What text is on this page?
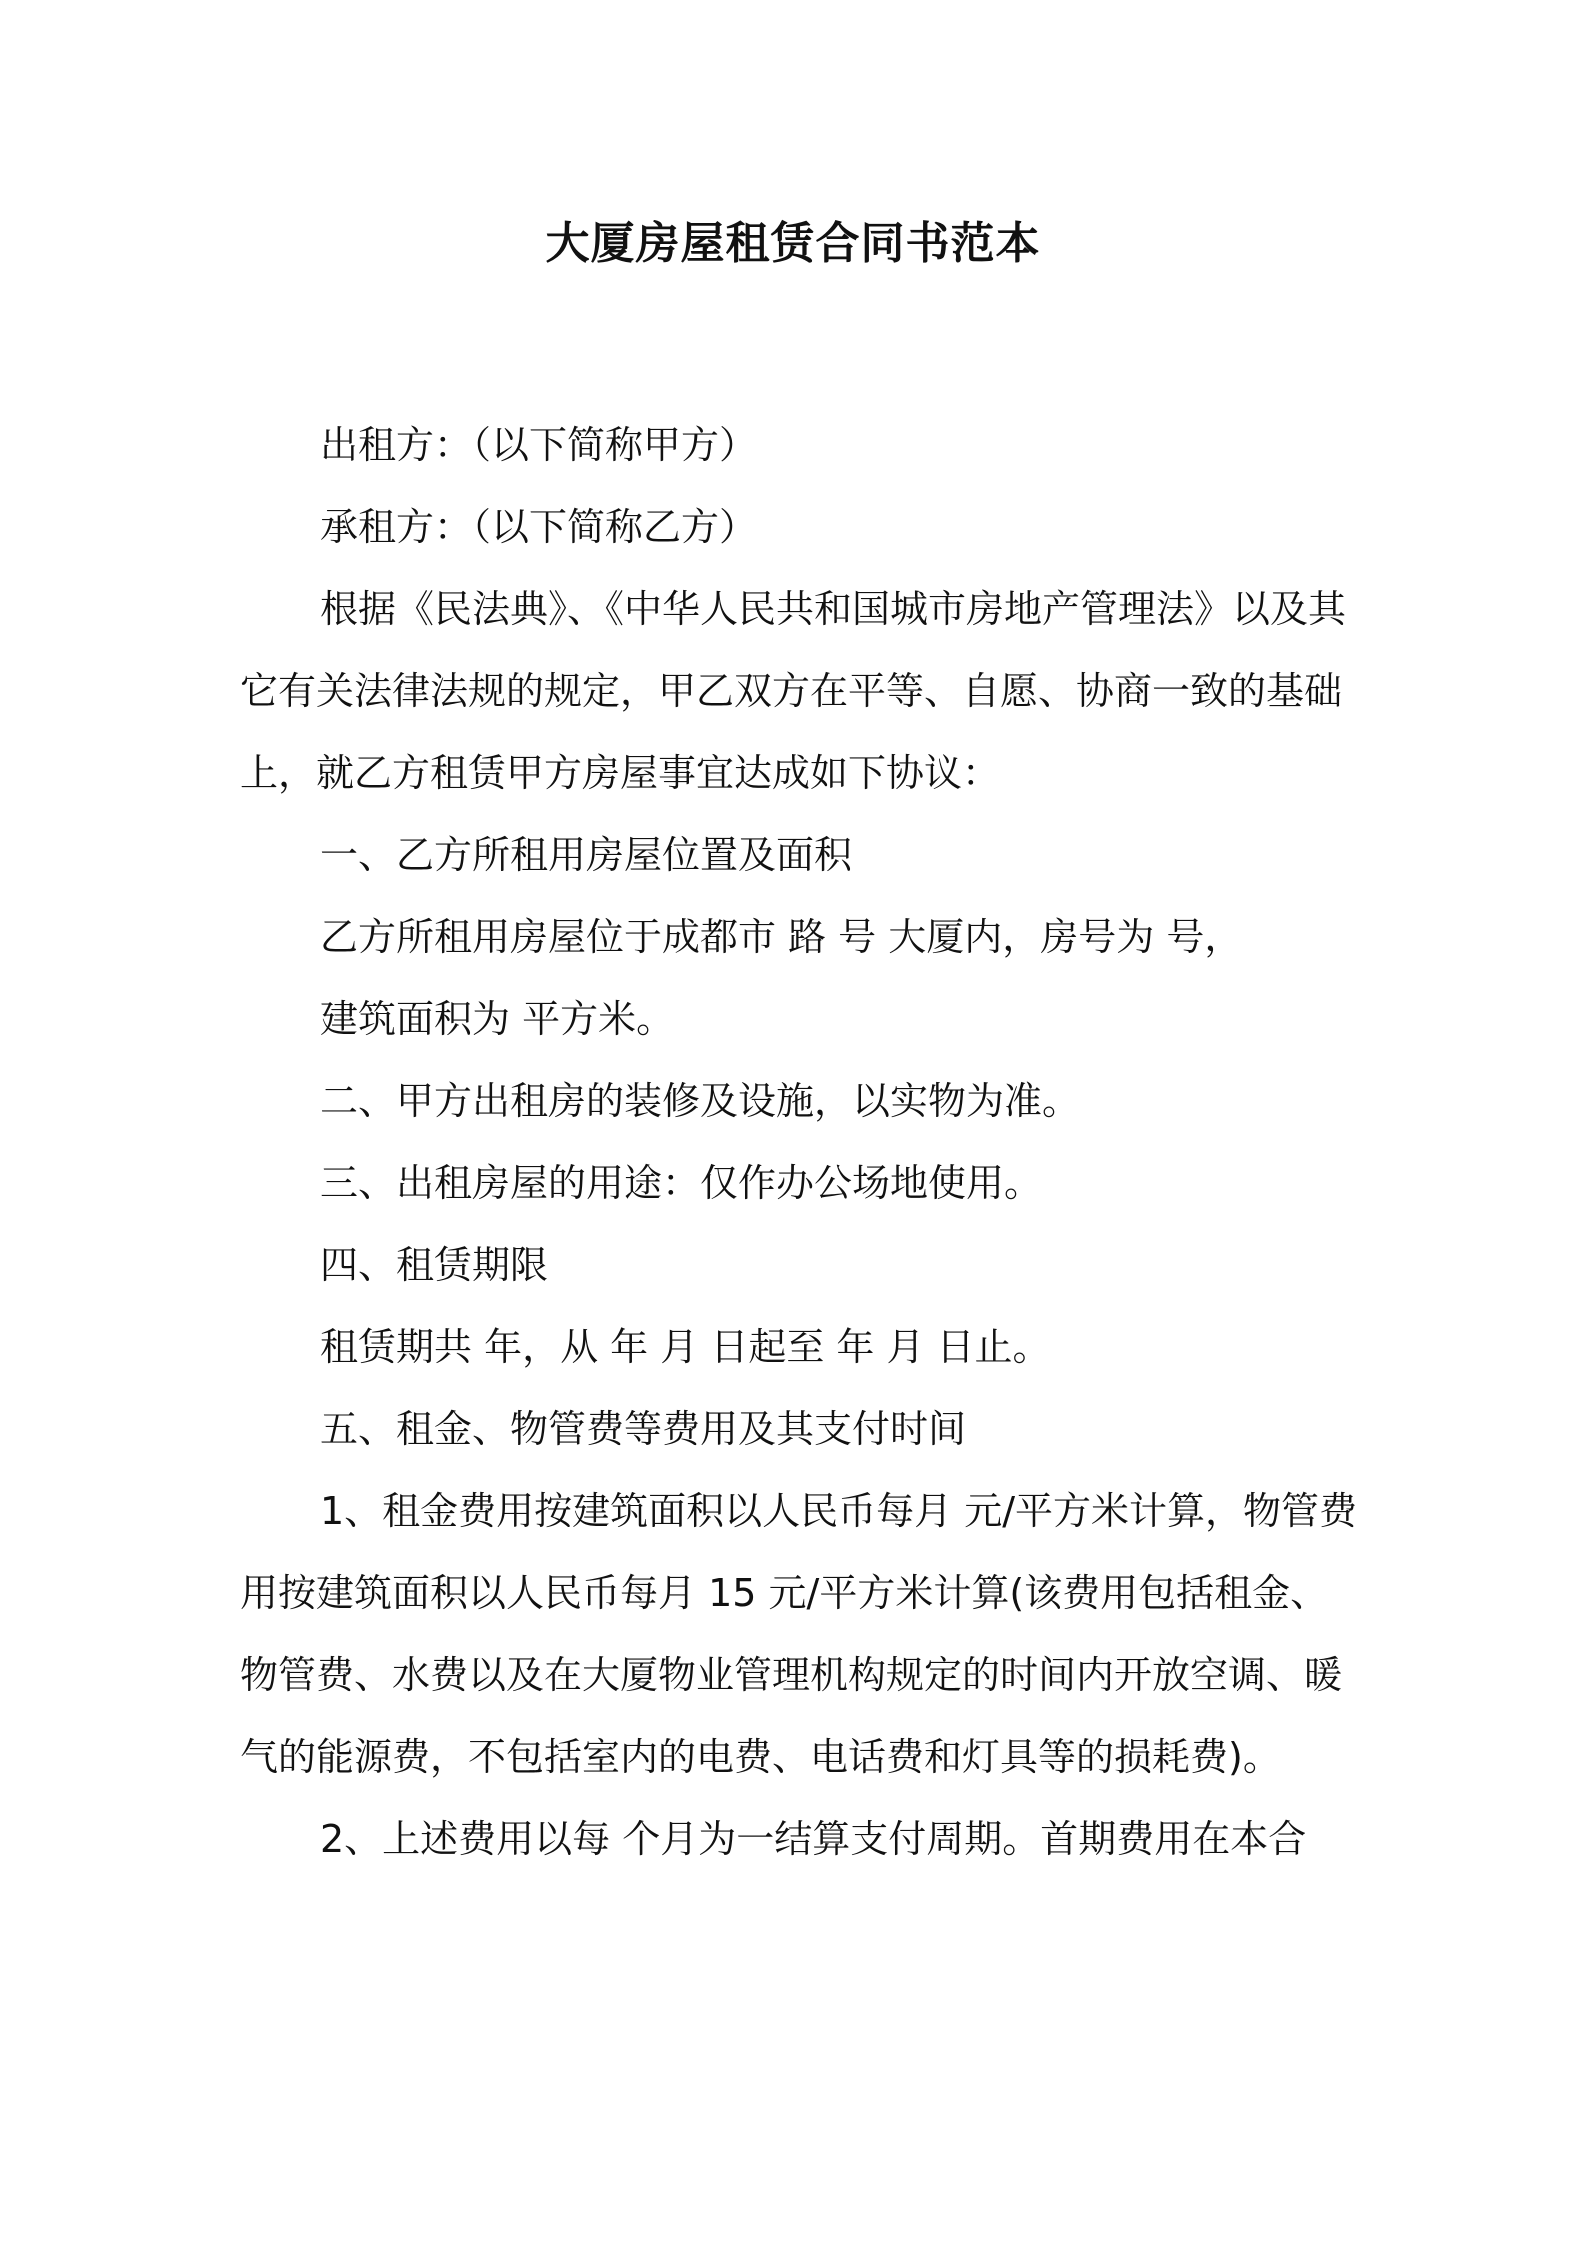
大厦房屋租赁合同书范本

出租方：（以下简称甲方）

承租方：（以下简称乙方）

根据《民法典》、《中华人民共和国城市房地产管理法》以及其它有关法律法规的规定，甲乙双方在平等、自愿、协商一致的基础上，就乙方租赁甲方房屋事宜达成如下协议：

一、乙方所租用房屋位置及面积

乙方所租用房屋位于成都市 路 号 大厦内，房号为 号，

建筑面积为 平方米。

二、甲方出租房的装修及设施，以实物为准。

三、出租房屋的用途：仅作办公场地使用。

四、租赁期限

租赁期共 年，从 年 月 日起至 年 月 日止。

五、租金、物管费等费用及其支付时间

1、租金费用按建筑面积以人民币每月 元/平方米计算，物管费用按建筑面积以人民币每月 15 元/平方米计算(该费用包括租金、物管费、水费以及在大厦物业管理机构规定的时间内开放空调、暖气的能源费，不包括室内的电费、电话费和灯具等的损耗费)。

2、上述费用以每 个月为一结算支付周期。首期费用在本合
